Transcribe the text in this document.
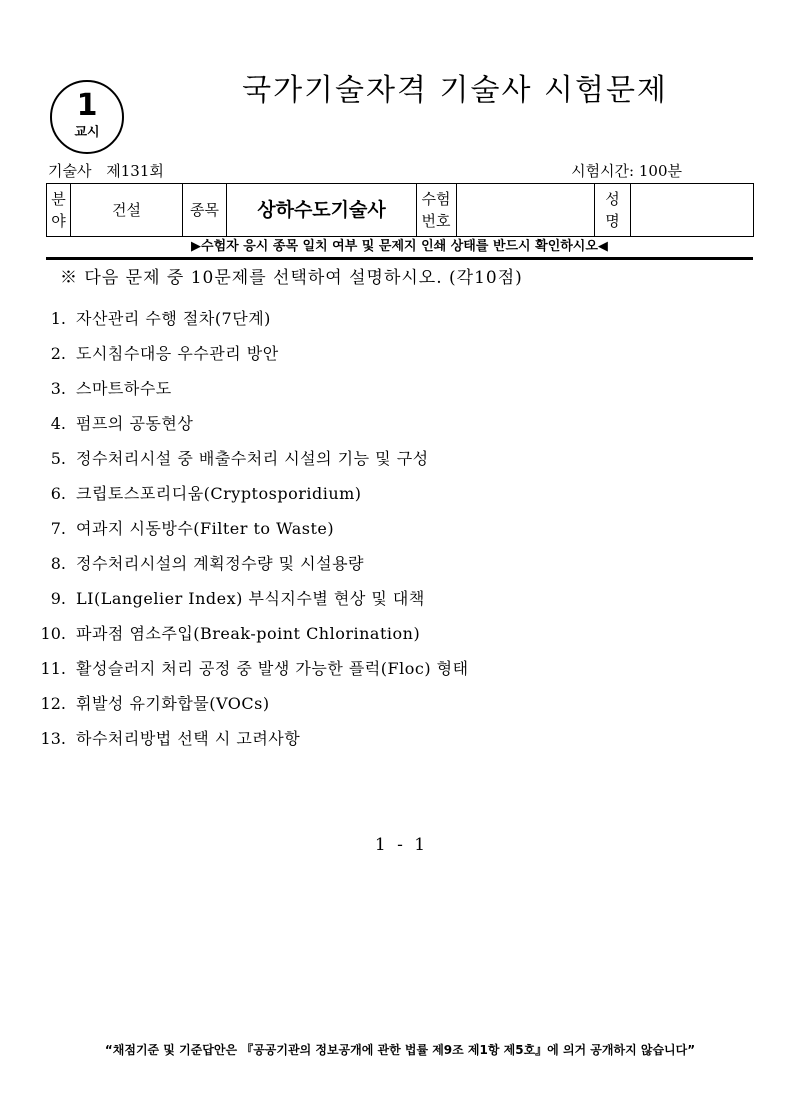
1
교시
국가기술자격 기술사 시험문제
기술사 제131회	시험시간: 100분
분야	건설	종목	상하수도기술사	수험번호		성명	
▶수험자 응시 종목 일치 여부 및 문제지 인쇄 상태를 반드시 확인하시오◀
※ 다음 문제 중 10문제를 선택하여 설명하시오. (각10점)
1. 자산관리 수행 절차(7단계)
2. 도시침수대응 우수관리 방안
3. 스마트하수도
4. 펌프의 공동현상
5. 정수처리시설 중 배출수처리 시설의 기능 및 구성
6. 크립토스포리디움(Cryptosporidium)
7. 여과지 시동방수(Filter to Waste)
8. 정수처리시설의 계획정수량 및 시설용량
9. LI(Langelier Index) 부식지수별 현상 및 대책
10. 파과점 염소주입(Break-point Chlorination)
11. 활성슬러지 처리 공정 중 발생 가능한 플럭(Floc) 형태
12. 휘발성 유기화합물(VOCs)
13. 하수처리방법 선택 시 고려사항
1 - 1
“채점기준 및 기준답안은 『공공기관의 정보공개에 관한 법률 제9조 제1항 제5호』에 의거 공개하지 않습니다”
